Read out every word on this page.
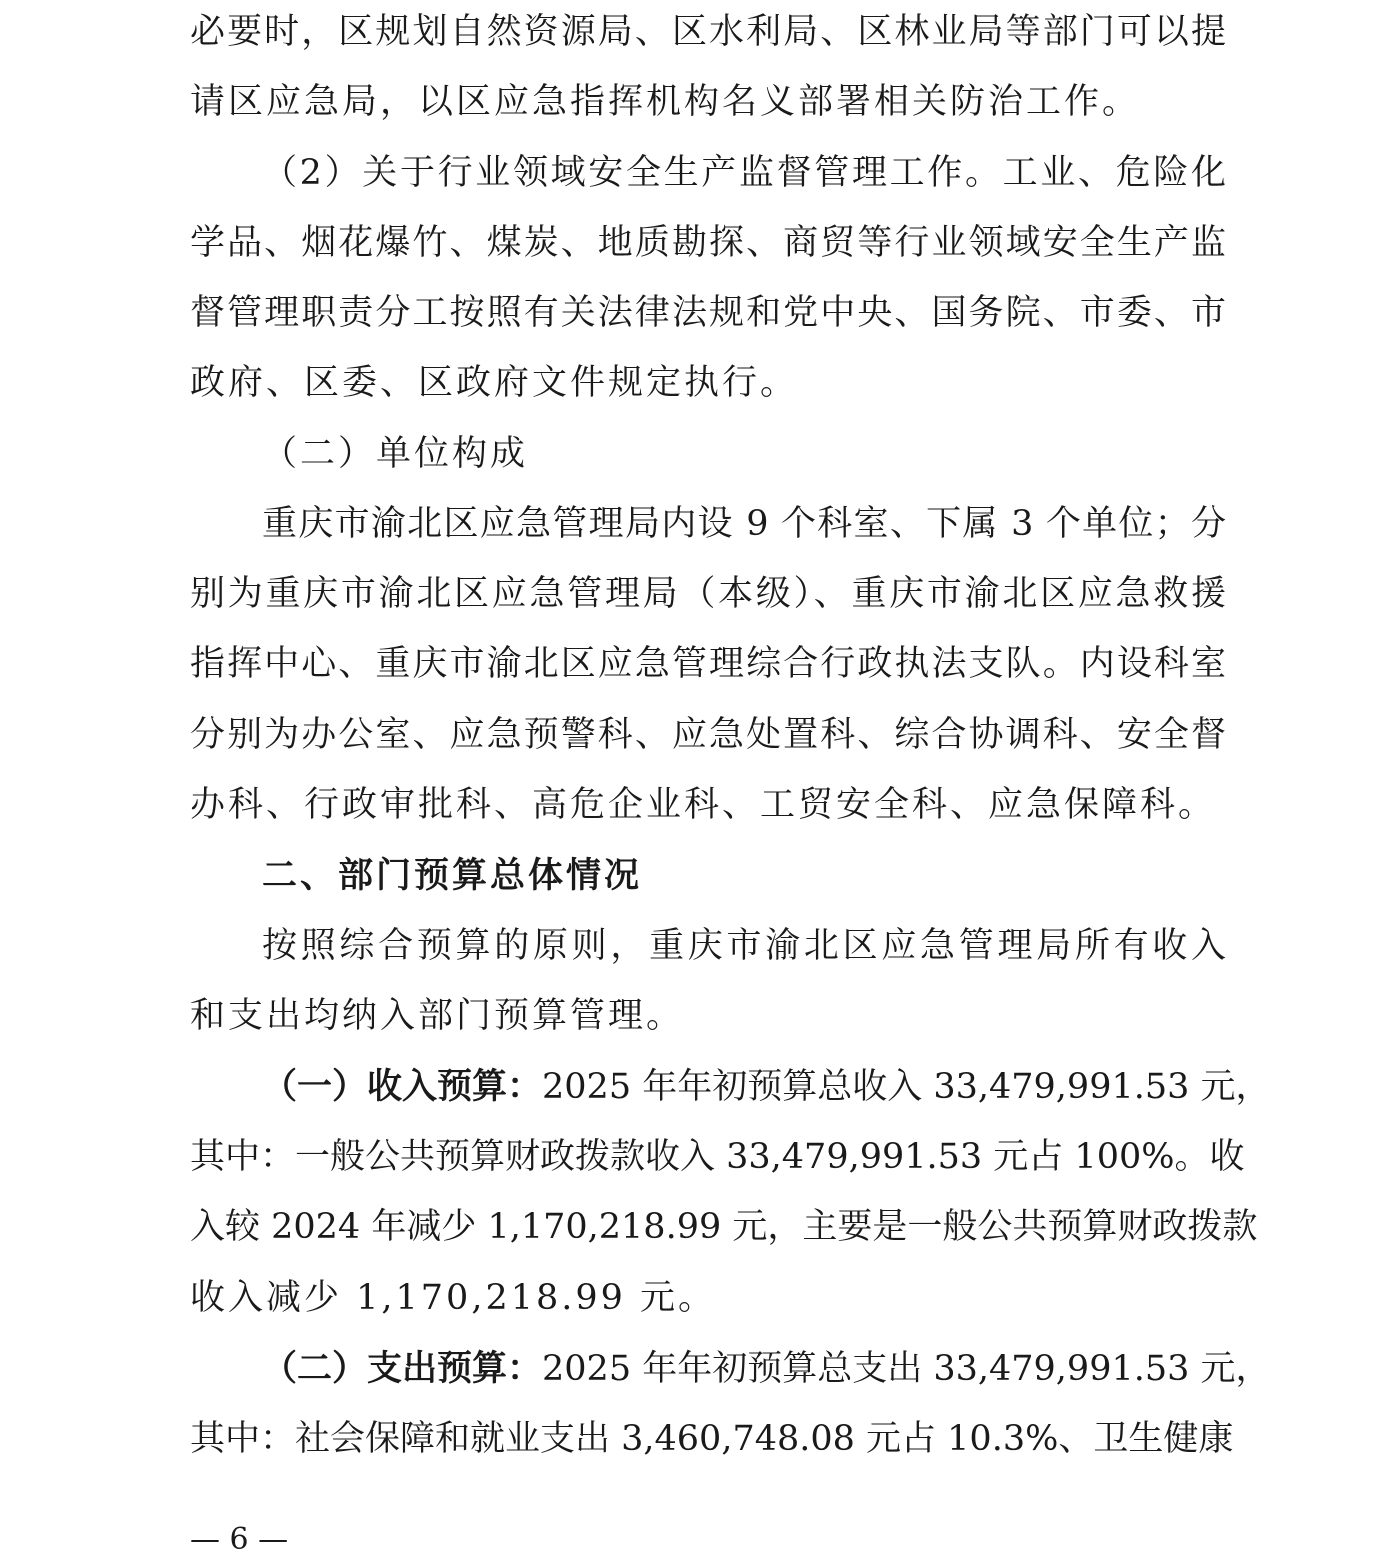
必要时，区规划自然资源局、区水利局、区林业局等部门可以提
请区应急局，以区应急指挥机构名义部署相关防治工作。
（2）关于行业领域安全生产监督管理工作。工业、危险化
学品、烟花爆竹、煤炭、地质勘探、商贸等行业领域安全生产监
督管理职责分工按照有关法律法规和党中央、国务院、市委、市
政府、区委、区政府文件规定执行。
（二）单位构成
重庆市渝北区应急管理局内设 9 个科室、下属 3 个单位；分
别为重庆市渝北区应急管理局（本级）、重庆市渝北区应急救援
指挥中心、重庆市渝北区应急管理综合行政执法支队。内设科室
分别为办公室、应急预警科、应急处置科、综合协调科、安全督
办科、行政审批科、高危企业科、工贸安全科、应急保障科。
二、部门预算总体情况
按照综合预算的原则，重庆市渝北区应急管理局所有收入
和支出均纳入部门预算管理。
（一）收入预算：2025 年年初预算总收入 33,479,991.53 元，
其中：一般公共预算财政拨款收入 33,479,991.53 元占 100%。收
入较 2024 年减少 1,170,218.99 元，主要是一般公共预算财政拨款
收入减少 1,170,218.99 元。
（二）支出预算：2025 年年初预算总支出 33,479,991.53 元，
其中：社会保障和就业支出 3,460,748.08 元占 10.3%、卫生健康
— 6 —
